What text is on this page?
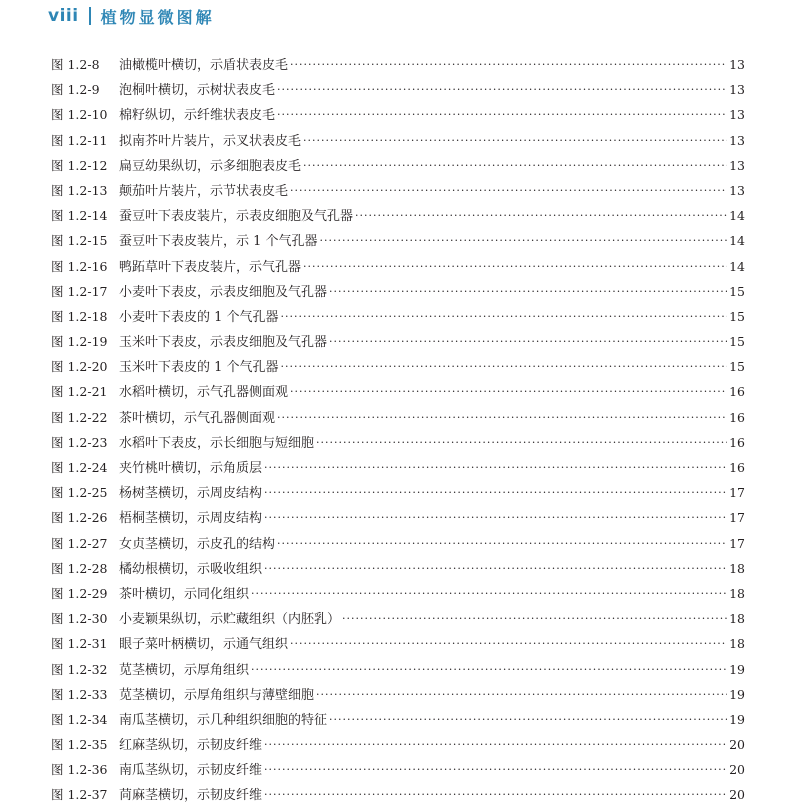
viii 植物显微图解
图 1.2-8	油橄榄叶横切，示盾状表皮毛 ·····	13
图 1.2-9	泡桐叶横切，示树状表皮毛 ·····	13
图 1.2-10 棉籽纵切，示纤维状表皮毛 ·····	13
图 1.2-11 拟南芥叶片装片，示叉状表皮毛 ·····	13
图 1.2-12 扁豆幼果纵切，示多细胞表皮毛 ·····	13
图 1.2-13 颠茄叶片装片，示节状表皮毛 ·····	13
图 1.2-14 蚕豆叶下表皮装片，示表皮细胞及气孔器 ·····	14
图 1.2-15 蚕豆叶下表皮装片，示 1 个气孔器 ·····	14
图 1.2-16 鸭跖草叶下表皮装片，示气孔器 ·····	14
图 1.2-17 小麦叶下表皮，示表皮细胞及气孔器 ·····	15
图 1.2-18 小麦叶下表皮的 1 个气孔器 ·····	15
图 1.2-19 玉米叶下表皮，示表皮细胞及气孔器 ·····	15
图 1.2-20 玉米叶下表皮的 1 个气孔器 ·····	15
图 1.2-21 水稻叶横切，示气孔器侧面观 ·····	16
图 1.2-22 茶叶横切，示气孔器侧面观 ·····	16
图 1.2-23 水稻叶下表皮，示长细胞与短细胞 ·····	16
图 1.2-24 夹竹桃叶横切，示角质层 ·····	16
图 1.2-25 杨树茎横切，示周皮结构 ·····	17
图 1.2-26 梧桐茎横切，示周皮结构 ·····	17
图 1.2-27 女贞茎横切，示皮孔的结构 ·····	17
图 1.2-28 橘幼根横切，示吸收组织 ·····	18
图 1.2-29 茶叶横切，示同化组织 ·····	18
图 1.2-30 小麦颖果纵切，示贮藏组织（内胚乳） ·····	18
图 1.2-31 眼子菜叶柄横切，示通气组织 ·····	18
图 1.2-32 苋茎横切，示厚角组织 ·····	19
图 1.2-33 苋茎横切，示厚角组织与薄壁细胞 ·····	19
图 1.2-34 南瓜茎横切，示几种组织细胞的特征 ·····	19
图 1.2-35 红麻茎纵切，示韧皮纤维 ·····	20
图 1.2-36 南瓜茎纵切，示韧皮纤维 ·····	20
图 1.2-37 苘麻茎横切，示韧皮纤维 ·····	20
